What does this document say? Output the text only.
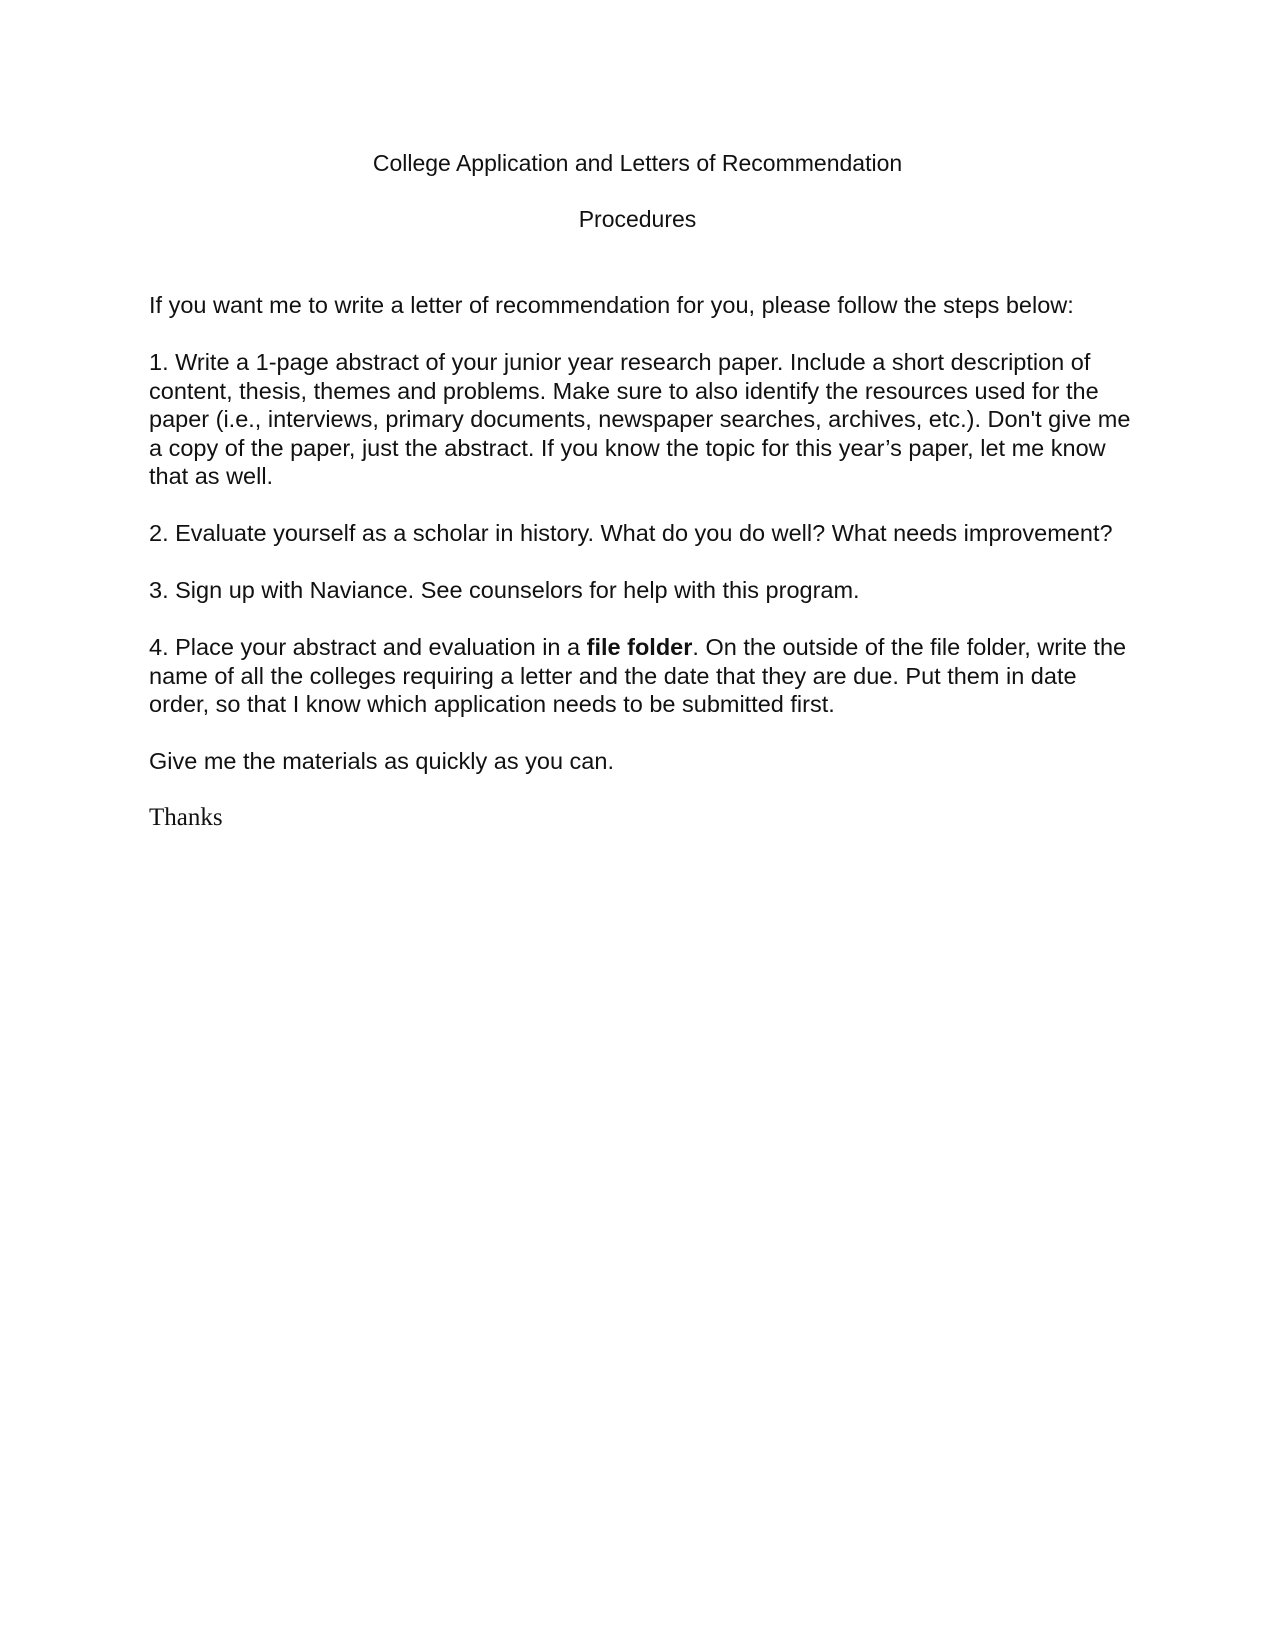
College Application and Letters of Recommendation
Procedures

If you want me to write a letter of recommendation for you, please follow the steps below:

1. Write a 1-page abstract of your junior year research paper. Include a short description of content, thesis, themes and problems. Make sure to also identify the resources used for the paper (i.e., interviews, primary documents, newspaper searches, archives, etc.). Don't give me a copy of the paper, just the abstract. If you know the topic for this year’s paper, let me know that as well.

2. Evaluate yourself as a scholar in history. What do you do well? What needs improvement?

3. Sign up with Naviance. See counselors for help with this program.

4. Place your abstract and evaluation in a file folder. On the outside of the file folder, write the name of all the colleges requiring a letter and the date that they are due. Put them in date order, so that I know which application needs to be submitted first.

Give me the materials as quickly as you can.

Thanks
